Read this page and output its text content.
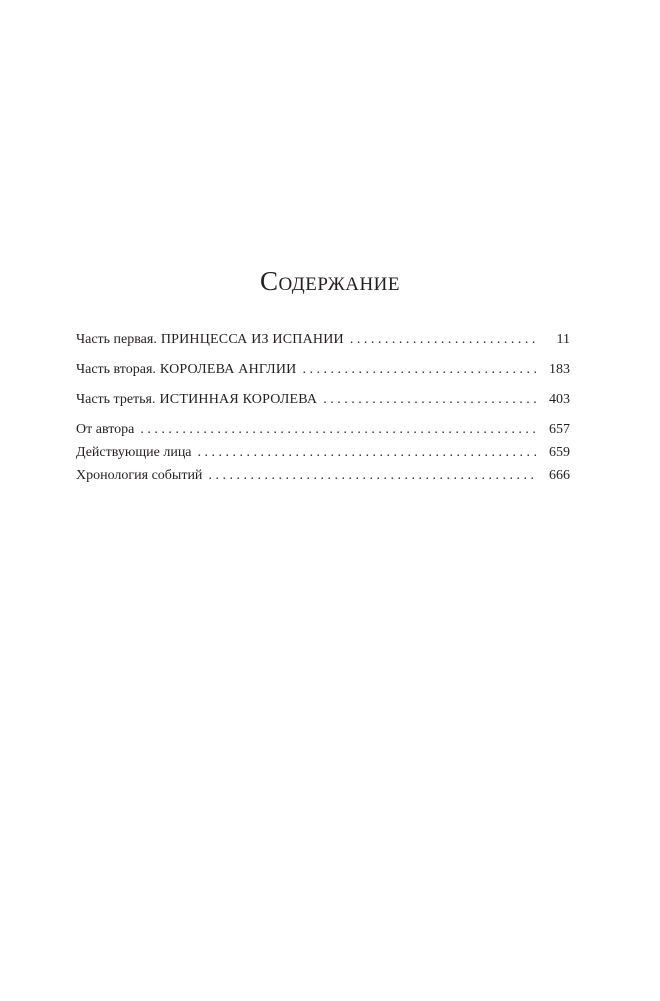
Содержание
Часть первая. ПРИНЦЕССА ИЗ ИСПАНИИ . . .	11
Часть вторая. КОРОЛЕВА АНГЛИИ . . .	183
Часть третья. ИСТИННАЯ КОРОЛЕВА . . .	403
От автора . . .	657
Действующие лица . . .	659
Хронология событий . . .	666
